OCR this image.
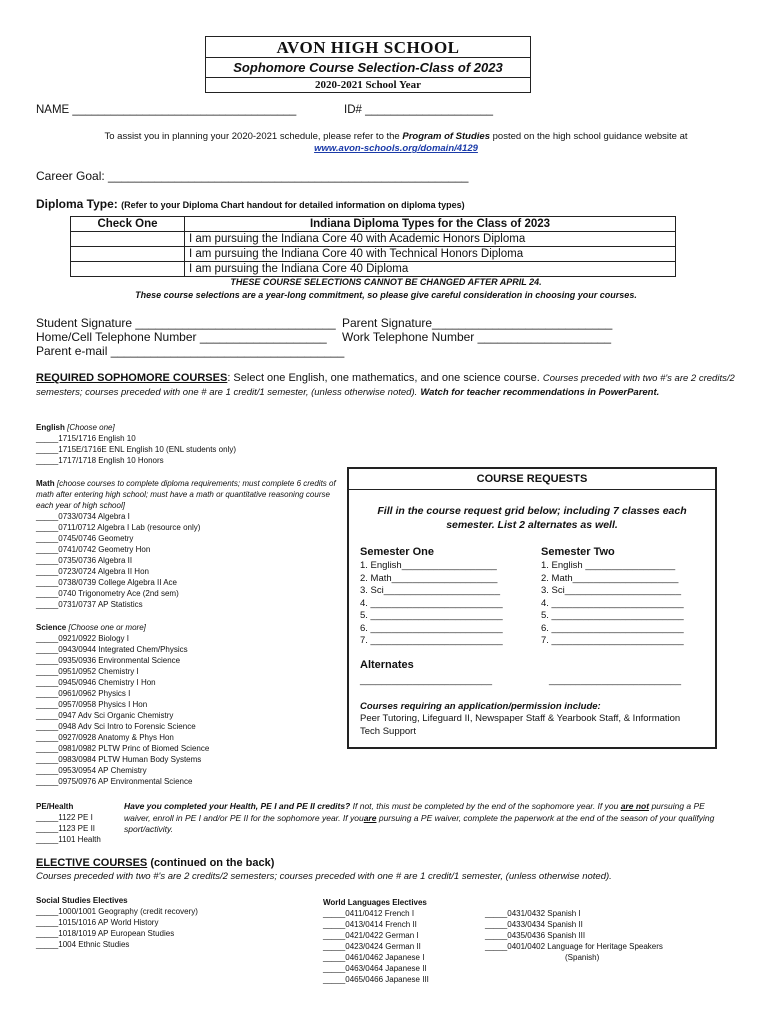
AVON HIGH SCHOOL
Sophomore Course Selection-Class of 2023
2020-2021 School Year
NAME ___________________________________	ID# ____________________
To assist you in planning your 2020-2021 schedule, please refer to the Program of Studies posted on the high school guidance website at
www.avon-schools.org/domain/4129
Career Goal: ______________________________________________________
Diploma Type: (Refer to your Diploma Chart handout for detailed information on diploma types)
Check One	Indiana Diploma Types for the Class of 2023
	I am pursuing the Indiana Core 40 with Academic Honors Diploma
	I am pursuing the Indiana Core 40 with Technical Honors Diploma
	I am pursuing the Indiana Core 40 Diploma
THESE COURSE SELECTIONS CANNOT BE CHANGED AFTER APRIL 24.
These course selections are a year-long commitment, so please give careful consideration in choosing your courses.
Student Signature ______________________________
Home/Cell Telephone Number ___________________
Parent e-mail ___________________________________
Parent Signature___________________________
Work Telephone Number ____________________
REQUIRED SOPHOMORE COURSES: Select one English, one mathematics, and one science course. Courses preceded with two #'s are 2 credits/2 semesters; courses preceded with one # are 1 credit/1 semester, (unless otherwise noted). Watch for teacher recommendations in PowerParent.
English [Choose one]
_____1715/1716 English 10
_____1715E/1716E ENL English 10 (ENL students only)
_____1717/1718 English 10 Honors
Math [choose courses to complete diploma requirements; must complete 6 credits of math after entering high school; must have a math or quantitative reasoning course each year of high school]
_____0733/0734 Algebra I
_____0711/0712 Algebra I Lab (resource only)
_____0745/0746 Geometry
_____0741/0742 Geometry Hon
_____0735/0736 Algebra II
_____0723/0724 Algebra II Hon
_____0738/0739 College Algebra II Ace
_____0740 Trigonometry Ace (2nd sem)
_____0731/0737 AP Statistics
Science [Choose one or more]
_____0921/0922 Biology I
_____0943/0944 Integrated Chem/Physics
_____0935/0936 Environmental Science
_____0951/0952 Chemistry I
_____0945/0946 Chemistry I Hon
_____0961/0962 Physics I
_____0957/0958 Physics I Hon
_____0947 Adv Sci Organic Chemistry
_____0948 Adv Sci Intro to Forensic Science
_____0927/0928 Anatomy & Phys Hon
_____0981/0982 PLTW Princ of Biomed Science
_____0983/0984 PLTW Human Body Systems
_____0953/0954 AP Chemistry
_____0975/0976 AP Environmental Science
COURSE REQUESTS
Fill in the course request grid below; including 7 classes each semester. List 2 alternates as well.
Semester One
1. English__________________
2. Math____________________
3. Sci______________________
4. _________________________
5. _________________________
6. _________________________
7. _________________________
Semester Two
1. English _________________
2. Math____________________
3. Sci______________________
4. _________________________
5. _________________________
6. _________________________
7. _________________________
Alternates
_________________________	_________________________
Courses requiring an application/permission include:
Peer Tutoring, Lifeguard II, Newspaper Staff & Yearbook Staff, & Information Tech Support
PE/Health
_____1122 PE I
_____1123 PE II
_____1101 Health
Have you completed your Health, PE I and PE II credits? If not, this must be completed by the end of the sophomore year. If you are not pursuing a PE waiver, enroll in PE I and/or PE II for the sophomore year. If youare pursuing a PE waiver, complete the paperwork at the end of the season of your qualifying sport/activity.
ELECTIVE COURSES (continued on the back)
Courses preceded with two #'s are 2 credits/2 semesters; courses preceded with one # are 1 credit/1 semester, (unless otherwise noted).
Social Studies Electives
_____1000/1001 Geography (credit recovery)
_____1015/1016 AP World History
_____1018/1019 AP European Studies
_____1004 Ethnic Studies
World Languages Electives
_____0411/0412 French I
_____0413/0414 French II
_____0421/0422 German I
_____0423/0424 German II
_____0461/0462 Japanese I
_____0463/0464 Japanese II
_____0465/0466 Japanese III
_____0431/0432 Spanish I
_____0433/0434 Spanish II
_____0435/0436 Spanish III
_____0401/0402 Language for Heritage Speakers
(Spanish)
